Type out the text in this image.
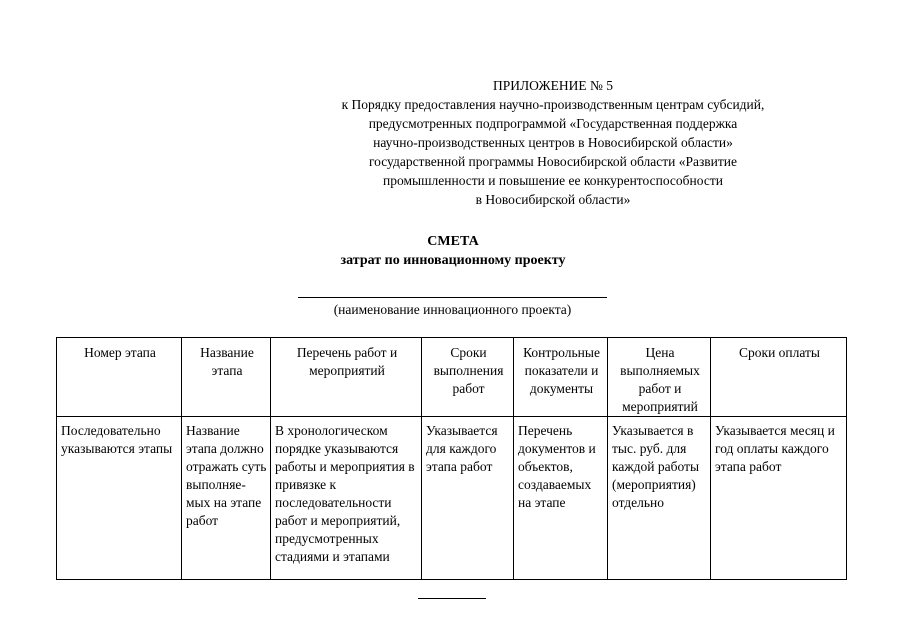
ПРИЛОЖЕНИЕ № 5
к Порядку предоставления научно-производственным центрам субсидий,
предусмотренных подпрограммой «Государственная поддержка
научно-производственных центров в Новосибирской области»
государственной программы Новосибирской области «Развитие
промышленности и повышение ее конкурентоспособности
в Новосибирской области»
СМЕТА
затрат по инновационному проекту
(наименование инновационного проекта)
Номер этапа	Название этапа	Перечень работ и мероприятий	Сроки выполнения работ	Контрольные показатели и документы	Цена выполняемых работ и мероприятий	Сроки оплаты
Последовательно указываются этапы	Название этапа должно отражать суть выполняе-мых на этапе работ	В хронологическом порядке указываются работы и мероприятия в привязке к последовательности работ и мероприятий, предусмотренных стадиями и этапами	Указывается для каждого этапа работ	Перечень документов и объектов, создаваемых на этапе	Указывается в тыс. руб. для каждой работы (мероприятия) отдельно	Указывается месяц и год оплаты каждого этапа работ
